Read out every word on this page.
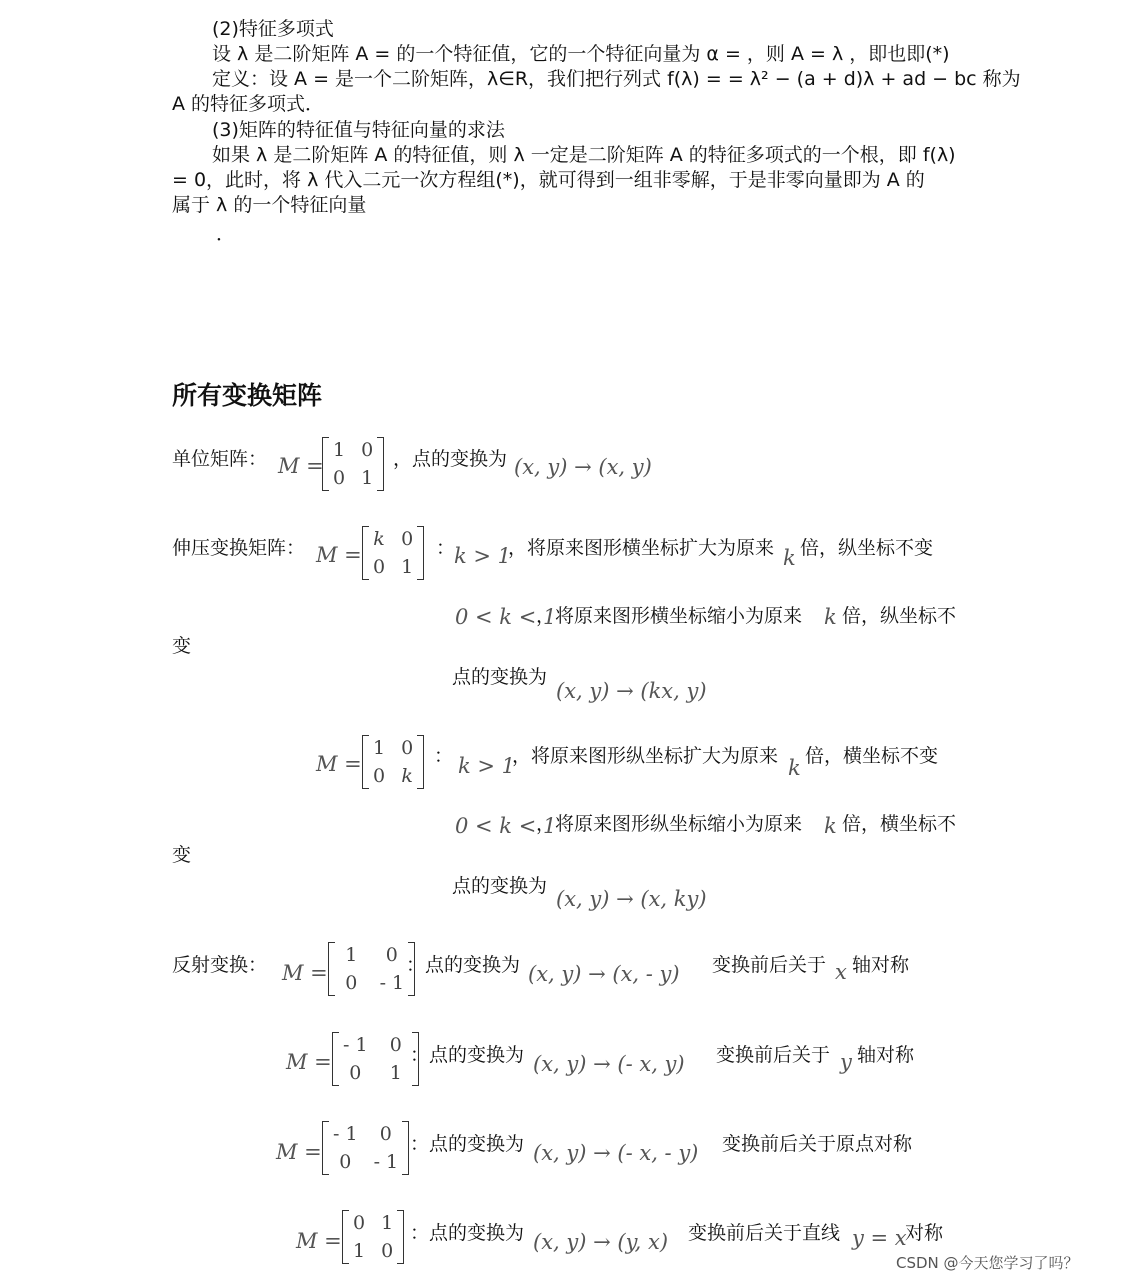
(2)特征多项式
设 λ 是二阶矩阵 A = 的一个特征值，它的一个特征向量为 α = ，则 A = λ ，即也即(*)
定义：设 A = 是一个二阶矩阵，λ∈R，我们把行列式 f(λ) = = λ² − (a + d)λ + ad − bc 称为
A 的特征多项式．
(3)矩阵的特征值与特征向量的求法
如果 λ 是二阶矩阵 A 的特征值，则 λ 一定是二阶矩阵 A 的特征多项式的一个根，即 f(λ)
= 0，此时，将 λ 代入二元一次方程组(*)，就可得到一组非零解，于是非零向量即为 A 的
属于 λ 的一个特征向量
．
所有变换矩阵
单位矩阵： M =
1 0
0 1
，点的变换为 (x, y) → (x, y)
伸压变换矩阵： M =
k 0
0 1
：
k > 1
，将原来图形横坐标扩大为原来 k 倍，纵坐标不变
0 < k < 1
，将原来图形横坐标缩小为原来 k 倍，纵坐标不
变
点的变换为
(x, y) → (kx, y)
M =
1 0
0 k
： k > 1
，将原来图形纵坐标扩大为原来 k 倍，横坐标不变
0 < k < 1
，将原来图形纵坐标缩小为原来 k 倍，横坐标不
变
点的变换为
(x, y) → (x, ky)
反射变换： M =
1	0
0	- 1
：点的变换为 (x, y) → (x, - y) 变换前后关于 x 轴对称
M =
- 1	0
0	1
：点的变换为 (x, y) → (- x, y) 变换前后关于 y 轴对称
M =
- 1	0
0	- 1
：点的变换为 (x, y) → (- x, - y) 变换前后关于原点对称
M =
0 1
1 0
：点的变换为 (x, y) → (y, x) 变换前后关于直线 y = x
对称
CSDN @今天您学习了吗？
